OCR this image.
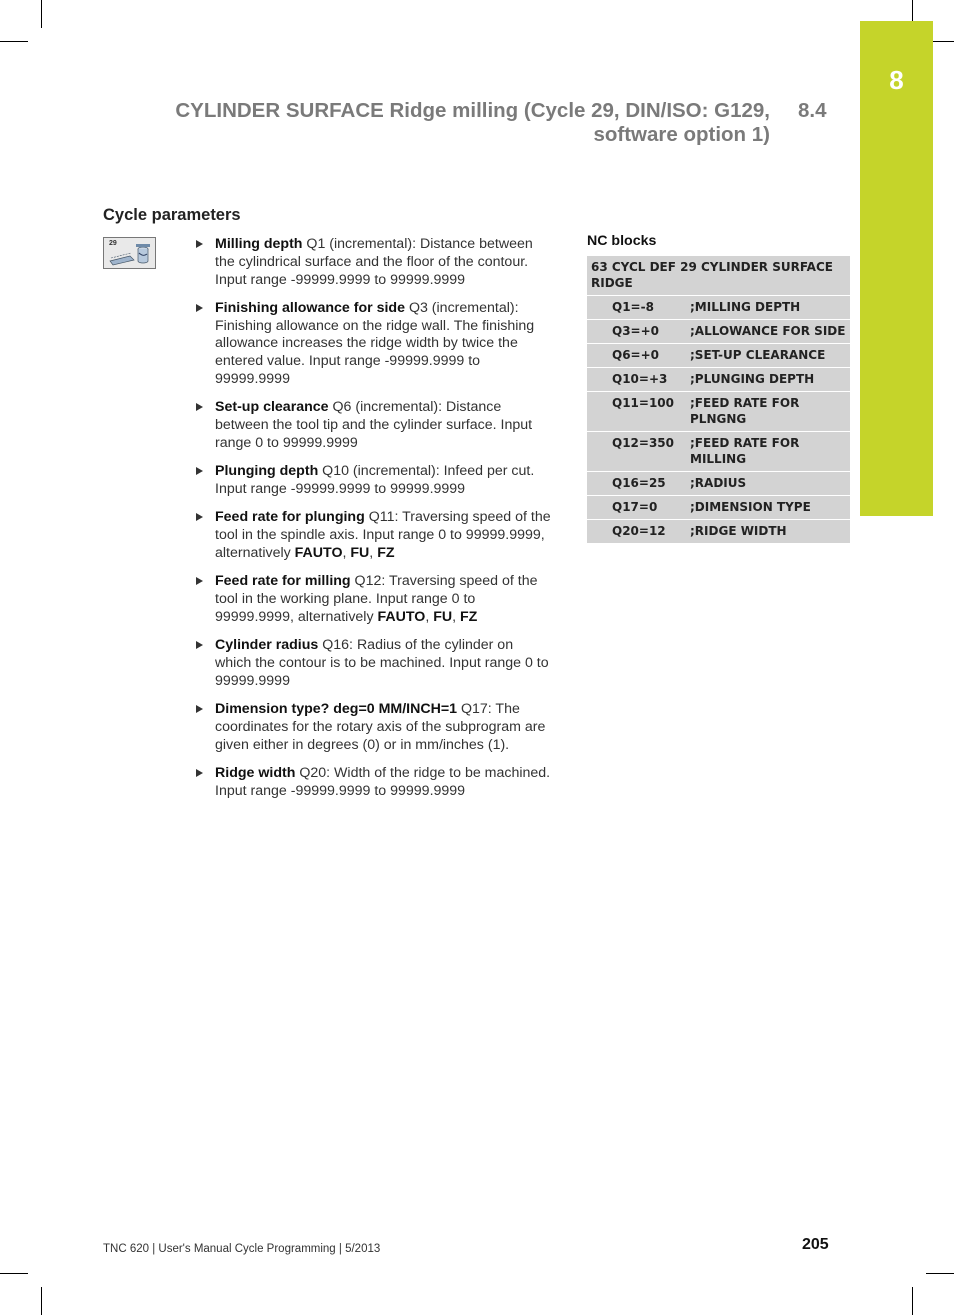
8
CYLINDER SURFACE Ridge milling (Cycle 29, DIN/ISO: G129,
software option 1)
8.4
Cycle parameters
29	Milling depth Q1 (incremental): Distance between the cylindrical surface and the floor of the contour. Input range -99999.9999 to 99999.9999
Finishing allowance for side Q3 (incremental): Finishing allowance on the ridge wall. The finishing allowance increases the ridge width by twice the entered value. Input range -99999.9999 to 99999.9999
Set-up clearance Q6 (incremental): Distance between the tool tip and the cylinder surface. Input range 0 to 99999.9999
Plunging depth Q10 (incremental): Infeed per cut. Input range -99999.9999 to 99999.9999
Feed rate for plunging Q11: Traversing speed of the tool in the spindle axis. Input range 0 to 99999.9999, alternatively FAUTO, FU, FZ
Feed rate for milling Q12: Traversing speed of the tool in the working plane. Input range 0 to 99999.9999, alternatively FAUTO, FU, FZ
Cylinder radius Q16: Radius of the cylinder on which the contour is to be machined. Input range 0 to 99999.9999
Dimension type? deg=0 MM/INCH=1 Q17: The coordinates for the rotary axis of the subprogram are given either in degrees (0) or in mm/inches (1).
Ridge width Q20: Width of the ridge to be machined. Input range -99999.9999 to 99999.9999
NC blocks
63 CYCL DEF 29 CYLINDER SURFACE RIDGE	
Q1=-8	;MILLING DEPTH
Q3=+0	;ALLOWANCE FOR SIDE
Q6=+0	;SET-UP CLEARANCE
Q10=+3	;PLUNGING DEPTH
Q11=100	;FEED RATE FOR PLNGNG
Q12=350	;FEED RATE FOR MILLING
Q16=25	;RADIUS
Q17=0	;DIMENSION TYPE
Q20=12	;RIDGE WIDTH
TNC 620 | User's Manual Cycle Programming | 5/2013	205
